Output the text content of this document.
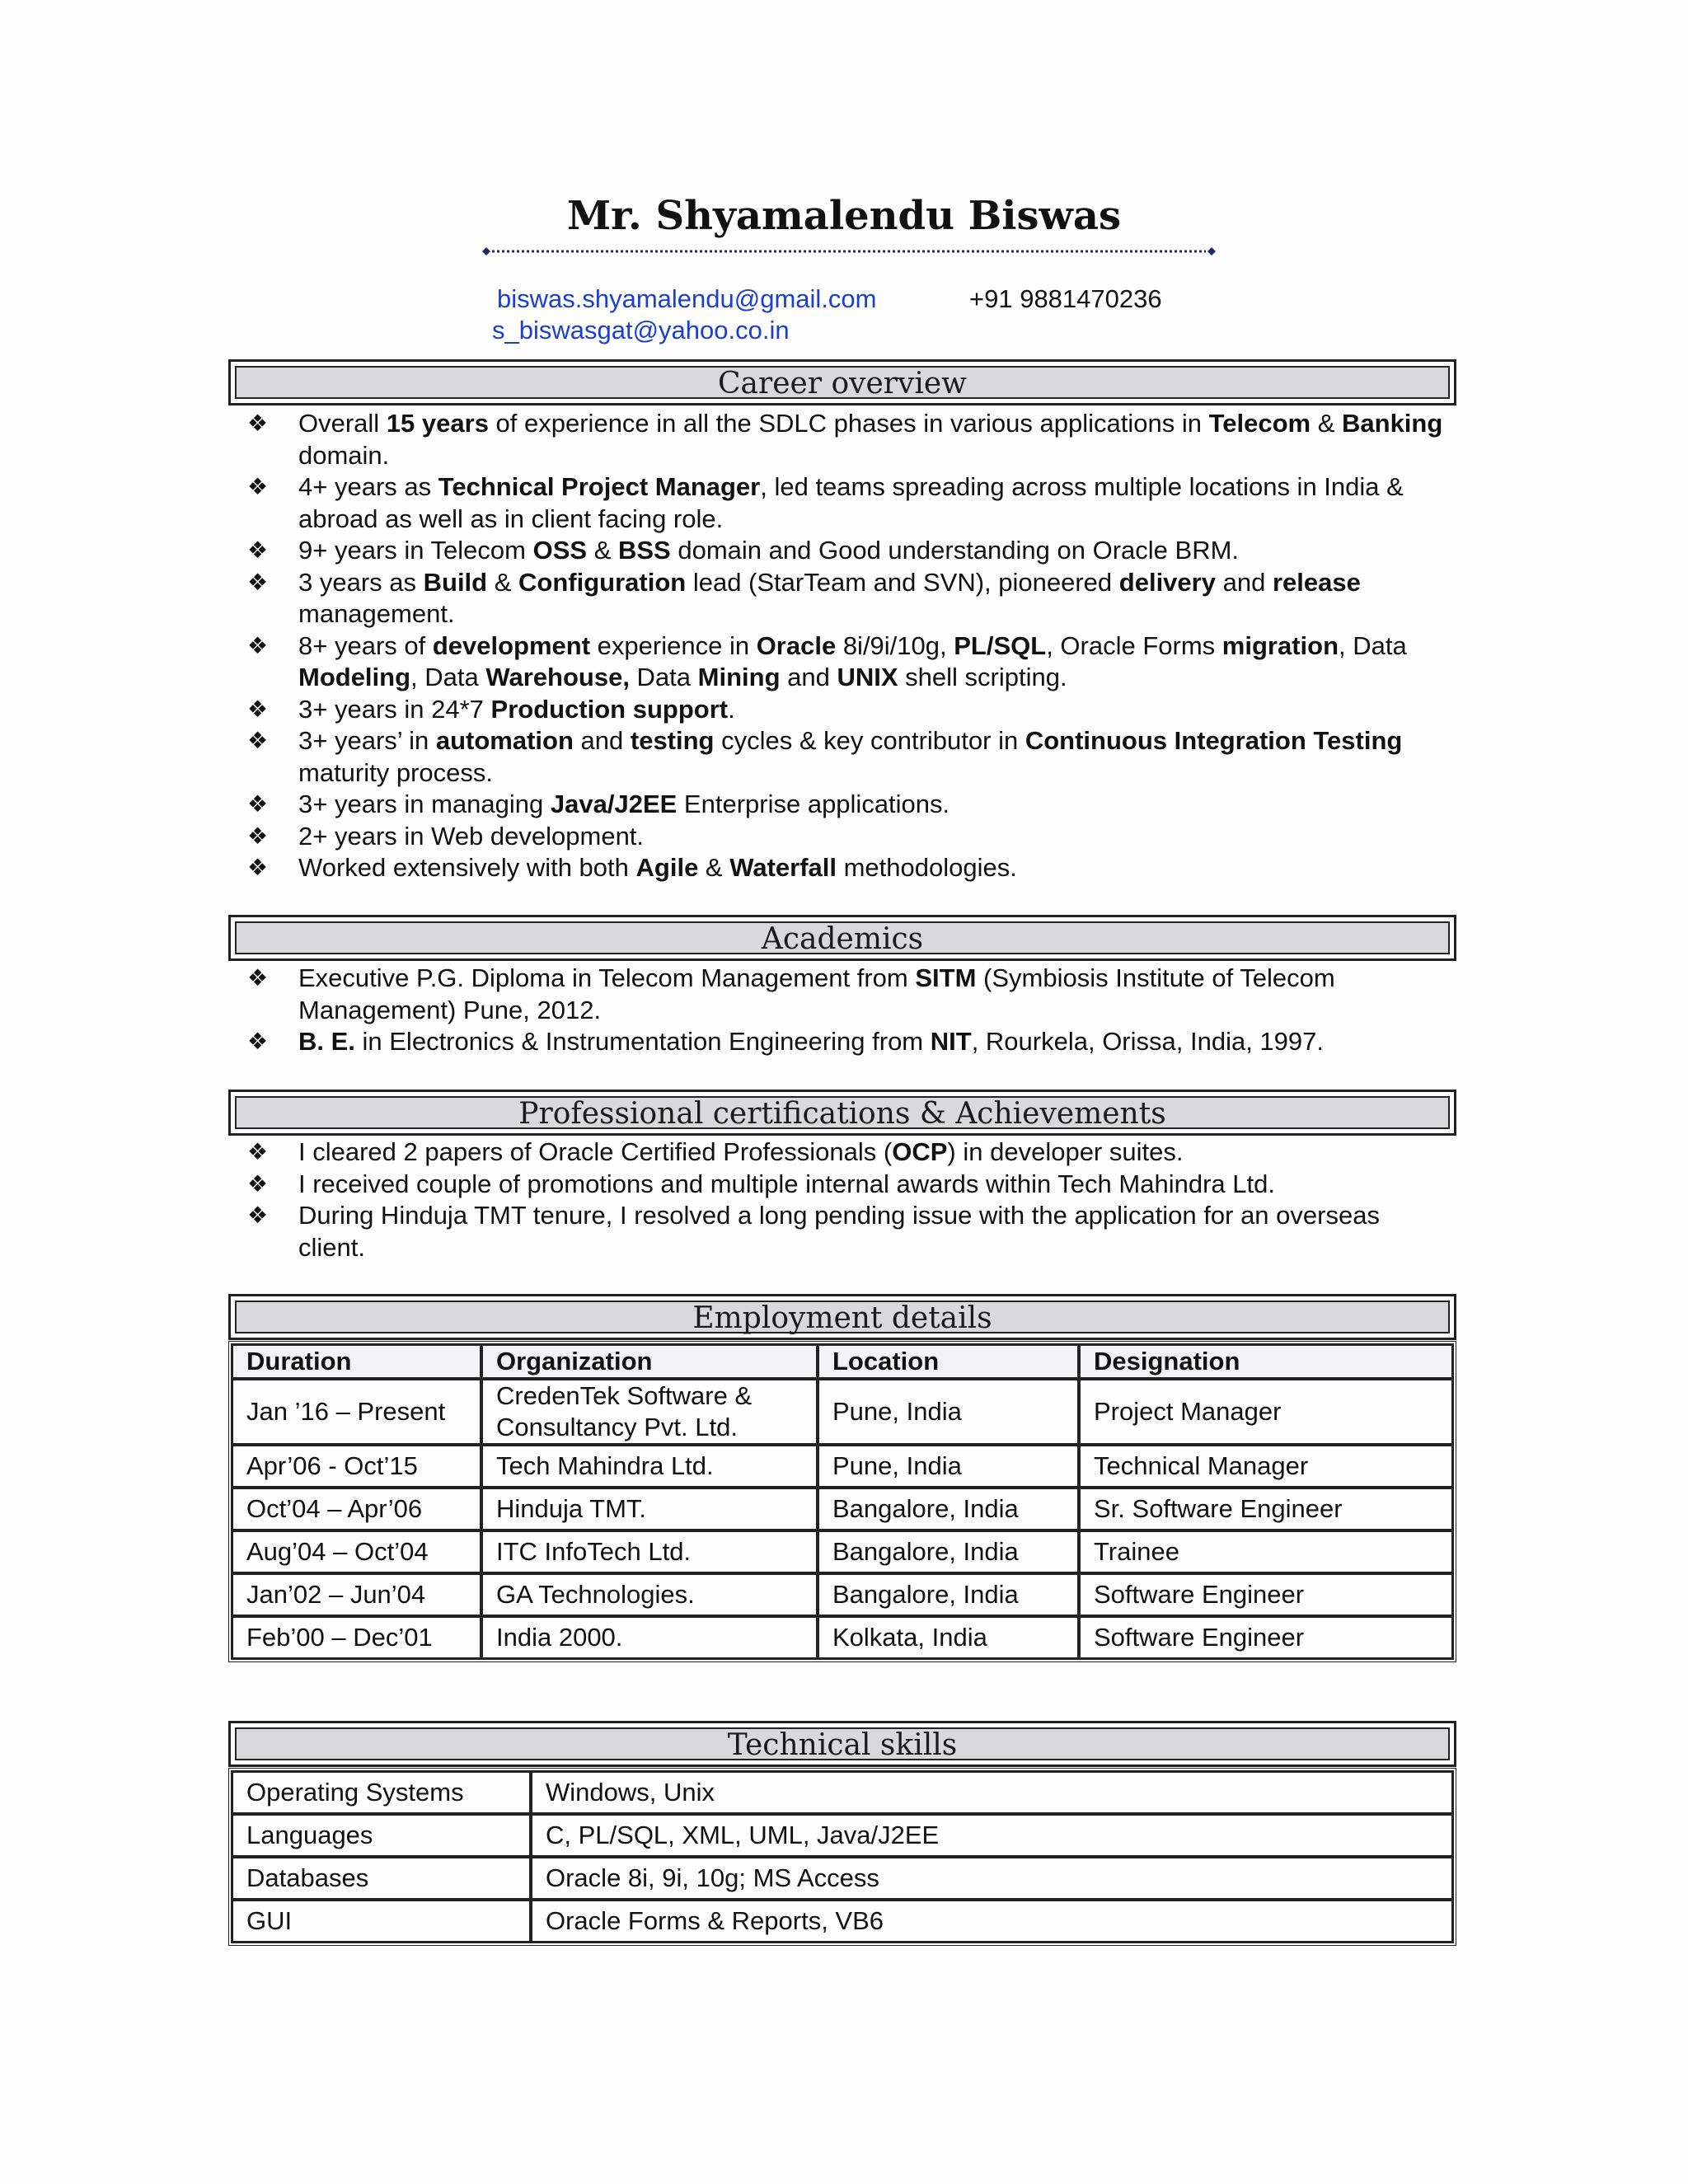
Mr. Shyamalendu Biswas
biswas.shyamalendu@gmail.com	+91 9881470236
s_biswasgat@yahoo.co.in
Career overview
❖ Overall 15 years of experience in all the SDLC phases in various applications in Telecom & Banking domain.
❖ 4+ years as Technical Project Manager, led teams spreading across multiple locations in India & abroad as well as in client facing role.
❖ 9+ years in Telecom OSS & BSS domain and Good understanding on Oracle BRM.
❖ 3 years as Build & Configuration lead (StarTeam and SVN), pioneered delivery and release management.
❖ 8+ years of development experience in Oracle 8i/9i/10g, PL/SQL, Oracle Forms migration, Data Modeling, Data Warehouse, Data Mining and UNIX shell scripting.
❖ 3+ years in 24*7 Production support.
❖ 3+ years’ in automation and testing cycles & key contributor in Continuous Integration Testing maturity process.
❖ 3+ years in managing Java/J2EE Enterprise applications.
❖ 2+ years in Web development.
❖ Worked extensively with both Agile & Waterfall methodologies.
Academics
❖ Executive P.G. Diploma in Telecom Management from SITM (Symbiosis Institute of Telecom Management) Pune, 2012.
❖ B. E. in Electronics & Instrumentation Engineering from NIT, Rourkela, Orissa, India, 1997.
Professional certifications & Achievements
❖ I cleared 2 papers of Oracle Certified Professionals (OCP) in developer suites.
❖ I received couple of promotions and multiple internal awards within Tech Mahindra Ltd.
❖ During Hinduja TMT tenure, I resolved a long pending issue with the application for an overseas client.
Employment details
Duration	Organization	Location	Designation
Jan ’16 – Present	CredenTek Software & Consultancy Pvt. Ltd.	Pune, India	Project Manager
Apr’06 - Oct’15	Tech Mahindra Ltd.	Pune, India	Technical Manager
Oct’04 – Apr’06	Hinduja TMT.	Bangalore, India	Sr. Software Engineer
Aug’04 – Oct’04	ITC InfoTech Ltd.	Bangalore, India	Trainee
Jan’02 – Jun’04	GA Technologies.	Bangalore, India	Software Engineer
Feb’00 – Dec’01	India 2000.	Kolkata, India	Software Engineer
Technical skills
Operating Systems	Windows, Unix
Languages	C, PL/SQL, XML, UML, Java/J2EE
Databases	Oracle 8i, 9i, 10g; MS Access
GUI	Oracle Forms & Reports, VB6
